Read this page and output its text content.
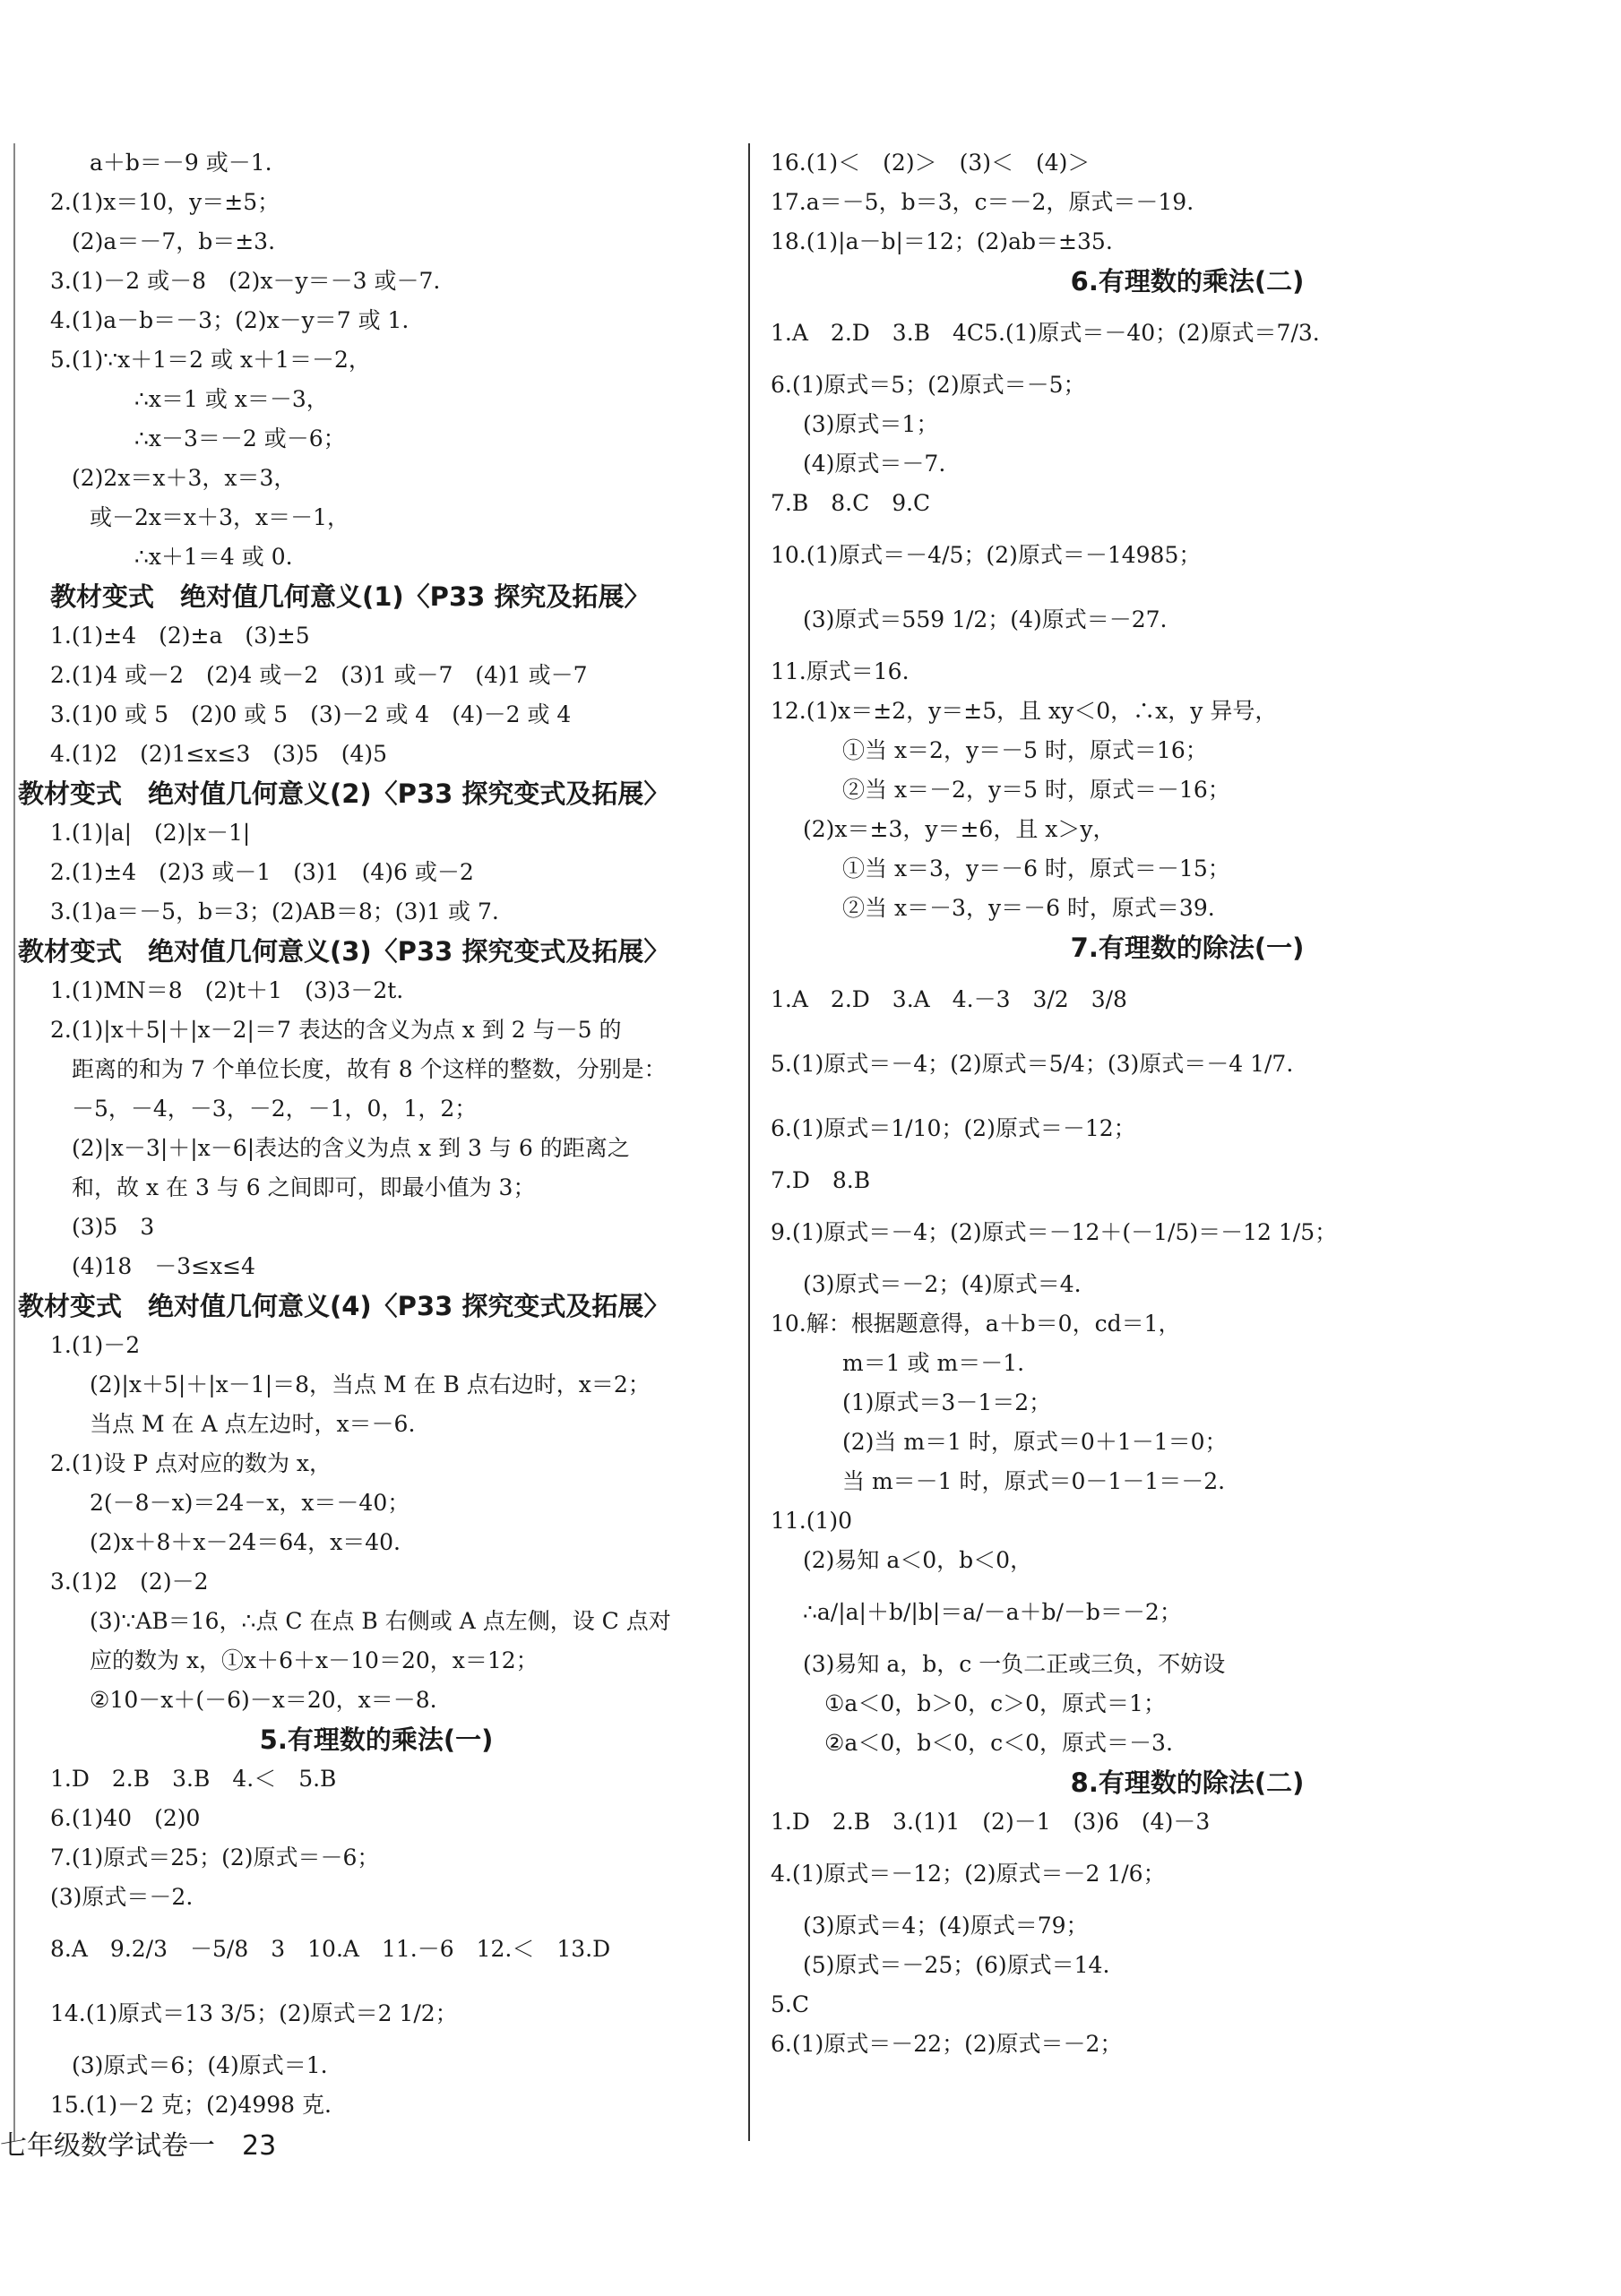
a＋b＝－9 或－1.
2.(1)x＝10，y＝±5；
(2)a＝－7，b＝±3.
3.(1)－2 或－8　(2)x－y＝－3 或－7.
4.(1)a－b＝－3；(2)x－y＝7 或 1.
5.(1)∵x＋1＝2 或 x＋1＝－2，
∴x＝1 或 x＝－3，
∴x－3＝－2 或－6；
(2)2x＝x＋3，x＝3，
或－2x＝x＋3，x＝－1，
∴x＋1＝4 或 0.
教材变式　绝对值几何意义(1)〈P33 探究及拓展〉
1.(1)±4　(2)±a　(3)±5
2.(1)4 或－2　(2)4 或－2　(3)1 或－7　(4)1 或－7
3.(1)0 或 5　(2)0 或 5　(3)－2 或 4　(4)－2 或 4
4.(1)2　(2)1≤x≤3　(3)5　(4)5
教材变式　绝对值几何意义(2)〈P33 探究变式及拓展〉
1.(1)|a|　(2)|x－1|
2.(1)±4　(2)3 或－1　(3)1　(4)6 或－2
3.(1)a＝－5，b＝3；(2)AB＝8；(3)1 或 7.
教材变式　绝对值几何意义(3)〈P33 探究变式及拓展〉
1.(1)MN＝8　(2)t＋1　(3)3－2t.
2.(1)|x＋5|＋|x－2|＝7 表达的含义为点 x 到 2 与－5 的
距离的和为 7 个单位长度，故有 8 个这样的整数，分别是：
－5，－4，－3，－2，－1，0，1，2；
(2)|x－3|＋|x－6|表达的含义为点 x 到 3 与 6 的距离之
和，故 x 在 3 与 6 之间即可，即最小值为 3；
(3)5　3
(4)18　－3≤x≤4
教材变式　绝对值几何意义(4)〈P33 探究变式及拓展〉
1.(1)－2
(2)|x＋5|＋|x－1|＝8，当点 M 在 B 点右边时，x＝2；
当点 M 在 A 点左边时，x＝－6.
2.(1)设 P 点对应的数为 x，
2(－8－x)＝24－x，x＝－40；
(2)x＋8＋x－24＝64，x＝40.
3.(1)2　(2)－2
(3)∵AB＝16，∴点 C 在点 B 右侧或 A 点左侧，设 C 点对
应的数为 x，①x＋6＋x－10＝20，x＝12；
②10－x＋(－6)－x＝20，x＝－8.
5.有理数的乘法(一)
1.D　2.B　3.B　4.＜　5.B
6.(1)40　(2)0
7.(1)原式＝25；(2)原式＝－6；
(3)原式＝－2.
8.A　9.2/3　－5/8　3　10.A　11.－6　12.＜　13.D
14.(1)原式＝13 3/5；(2)原式＝2 1/2；
(3)原式＝6；(4)原式＝1.
15.(1)－2 克；(2)4998 克.
16.(1)＜　(2)＞　(3)＜　(4)＞
17.a＝－5，b＝3，c＝－2，原式＝－19.
18.(1)|a－b|＝12；(2)ab＝±35.
6.有理数的乘法(二)
1.A　2.D　3.B　4C5.(1)原式＝－40；(2)原式＝7/3.
6.(1)原式＝5；(2)原式＝－5；
(3)原式＝1；
(4)原式＝－7.
7.B　8.C　9.C
10.(1)原式＝－4/5；(2)原式＝－14985；
(3)原式＝559 1/2；(4)原式＝－27.
11.原式＝16.
12.(1)x＝±2，y＝±5，且 xy＜0，∴x，y 异号，
①当 x＝2，y＝－5 时，原式＝16；
②当 x＝－2，y＝5 时，原式＝－16；
(2)x＝±3，y＝±6，且 x＞y，
①当 x＝3，y＝－6 时，原式＝－15；
②当 x＝－3，y＝－6 时，原式＝39.
7.有理数的除法(一)
1.A　2.D　3.A　4.－3　3/2　3/8
5.(1)原式＝－4；(2)原式＝5/4；(3)原式＝－4 1/7.
6.(1)原式＝1/10；(2)原式＝－12；
7.D　8.B
9.(1)原式＝－4；(2)原式＝－12＋(－1/5)＝－12 1/5；
(3)原式＝－2；(4)原式＝4.
10.解：根据题意得，a＋b＝0，cd＝1，
m＝1 或 m＝－1.
(1)原式＝3－1＝2；
(2)当 m＝1 时，原式＝0＋1－1＝0；
当 m＝－1 时，原式＝0－1－1＝－2.
11.(1)0
(2)易知 a＜0，b＜0，
∴a/|a|＋b/|b|＝a/－a＋b/－b＝－2；
(3)易知 a，b，c 一负二正或三负，不妨设
①a＜0，b＞0，c＞0，原式＝1；
②a＜0，b＜0，c＜0，原式＝－3.
8.有理数的除法(二)
1.D　2.B　3.(1)1　(2)－1　(3)6　(4)－3
4.(1)原式＝－12；(2)原式＝－2 1/6；
(3)原式＝4；(4)原式＝79；
(5)原式＝－25；(6)原式＝14.
5.C
6.(1)原式＝－22；(2)原式＝－2；
七年级数学试卷一　23
